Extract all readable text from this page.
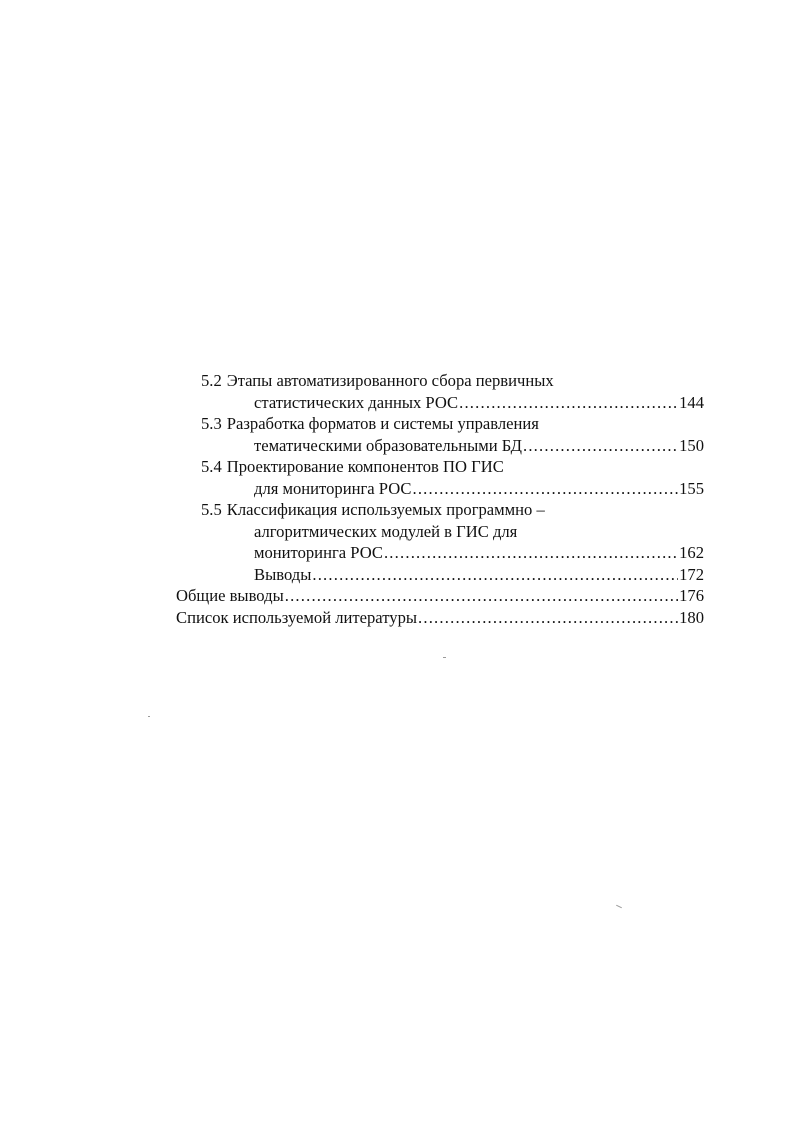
5.2 Этапы автоматизированного сбора первичных
статистических данных РОС .....	144
5.3 Разработка форматов и системы управления
тематическими образовательными БД .....	150
5.4 Проектирование компонентов ПО ГИС
для мониторинга РОС .....	155
5.5 Классификация используемых программно –
алгоритмических модулей в ГИС для
мониторинга РОС .....	162
Выводы .....	172
Общие выводы .....	176
Список используемой литературы .....	180
